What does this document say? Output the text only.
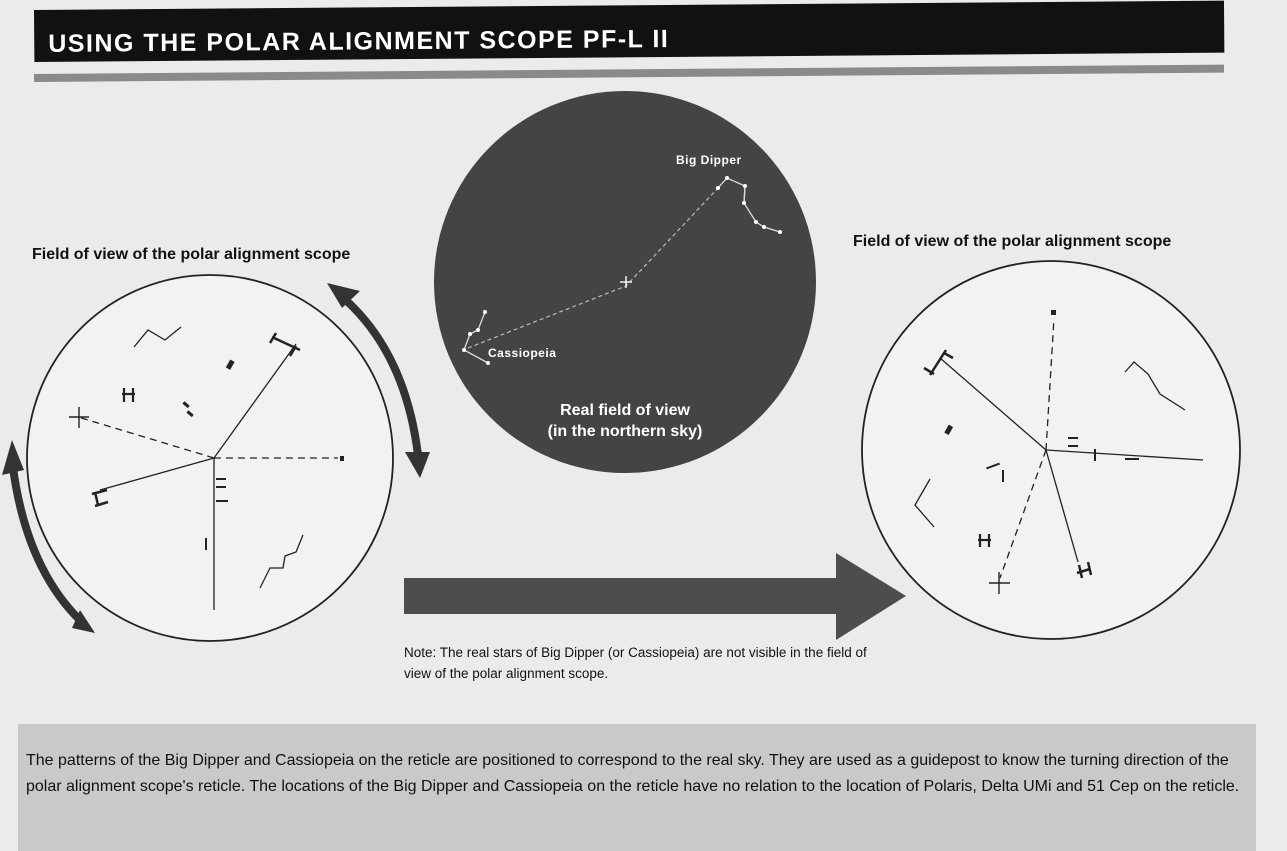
USING THE POLAR ALIGNMENT SCOPE PF-L II
Field of view of the polar alignment scope
Field of view of the polar alignment scope
Big Dipper
Cassiopeia
Real field of view
(in the northern sky)
Note: The real stars of Big Dipper (or Cassiopeia) are not visible in the field of view of the polar alignment scope.
The patterns of the Big Dipper and Cassiopeia on the reticle are positioned to correspond to the real sky. They are used as a guidepost to know the turning direction of the polar alignment scope's reticle. The locations of the Big Dipper and Cassiopeia on the reticle have no relation to the location of Polaris, Delta UMi and 51 Cep on the reticle.
